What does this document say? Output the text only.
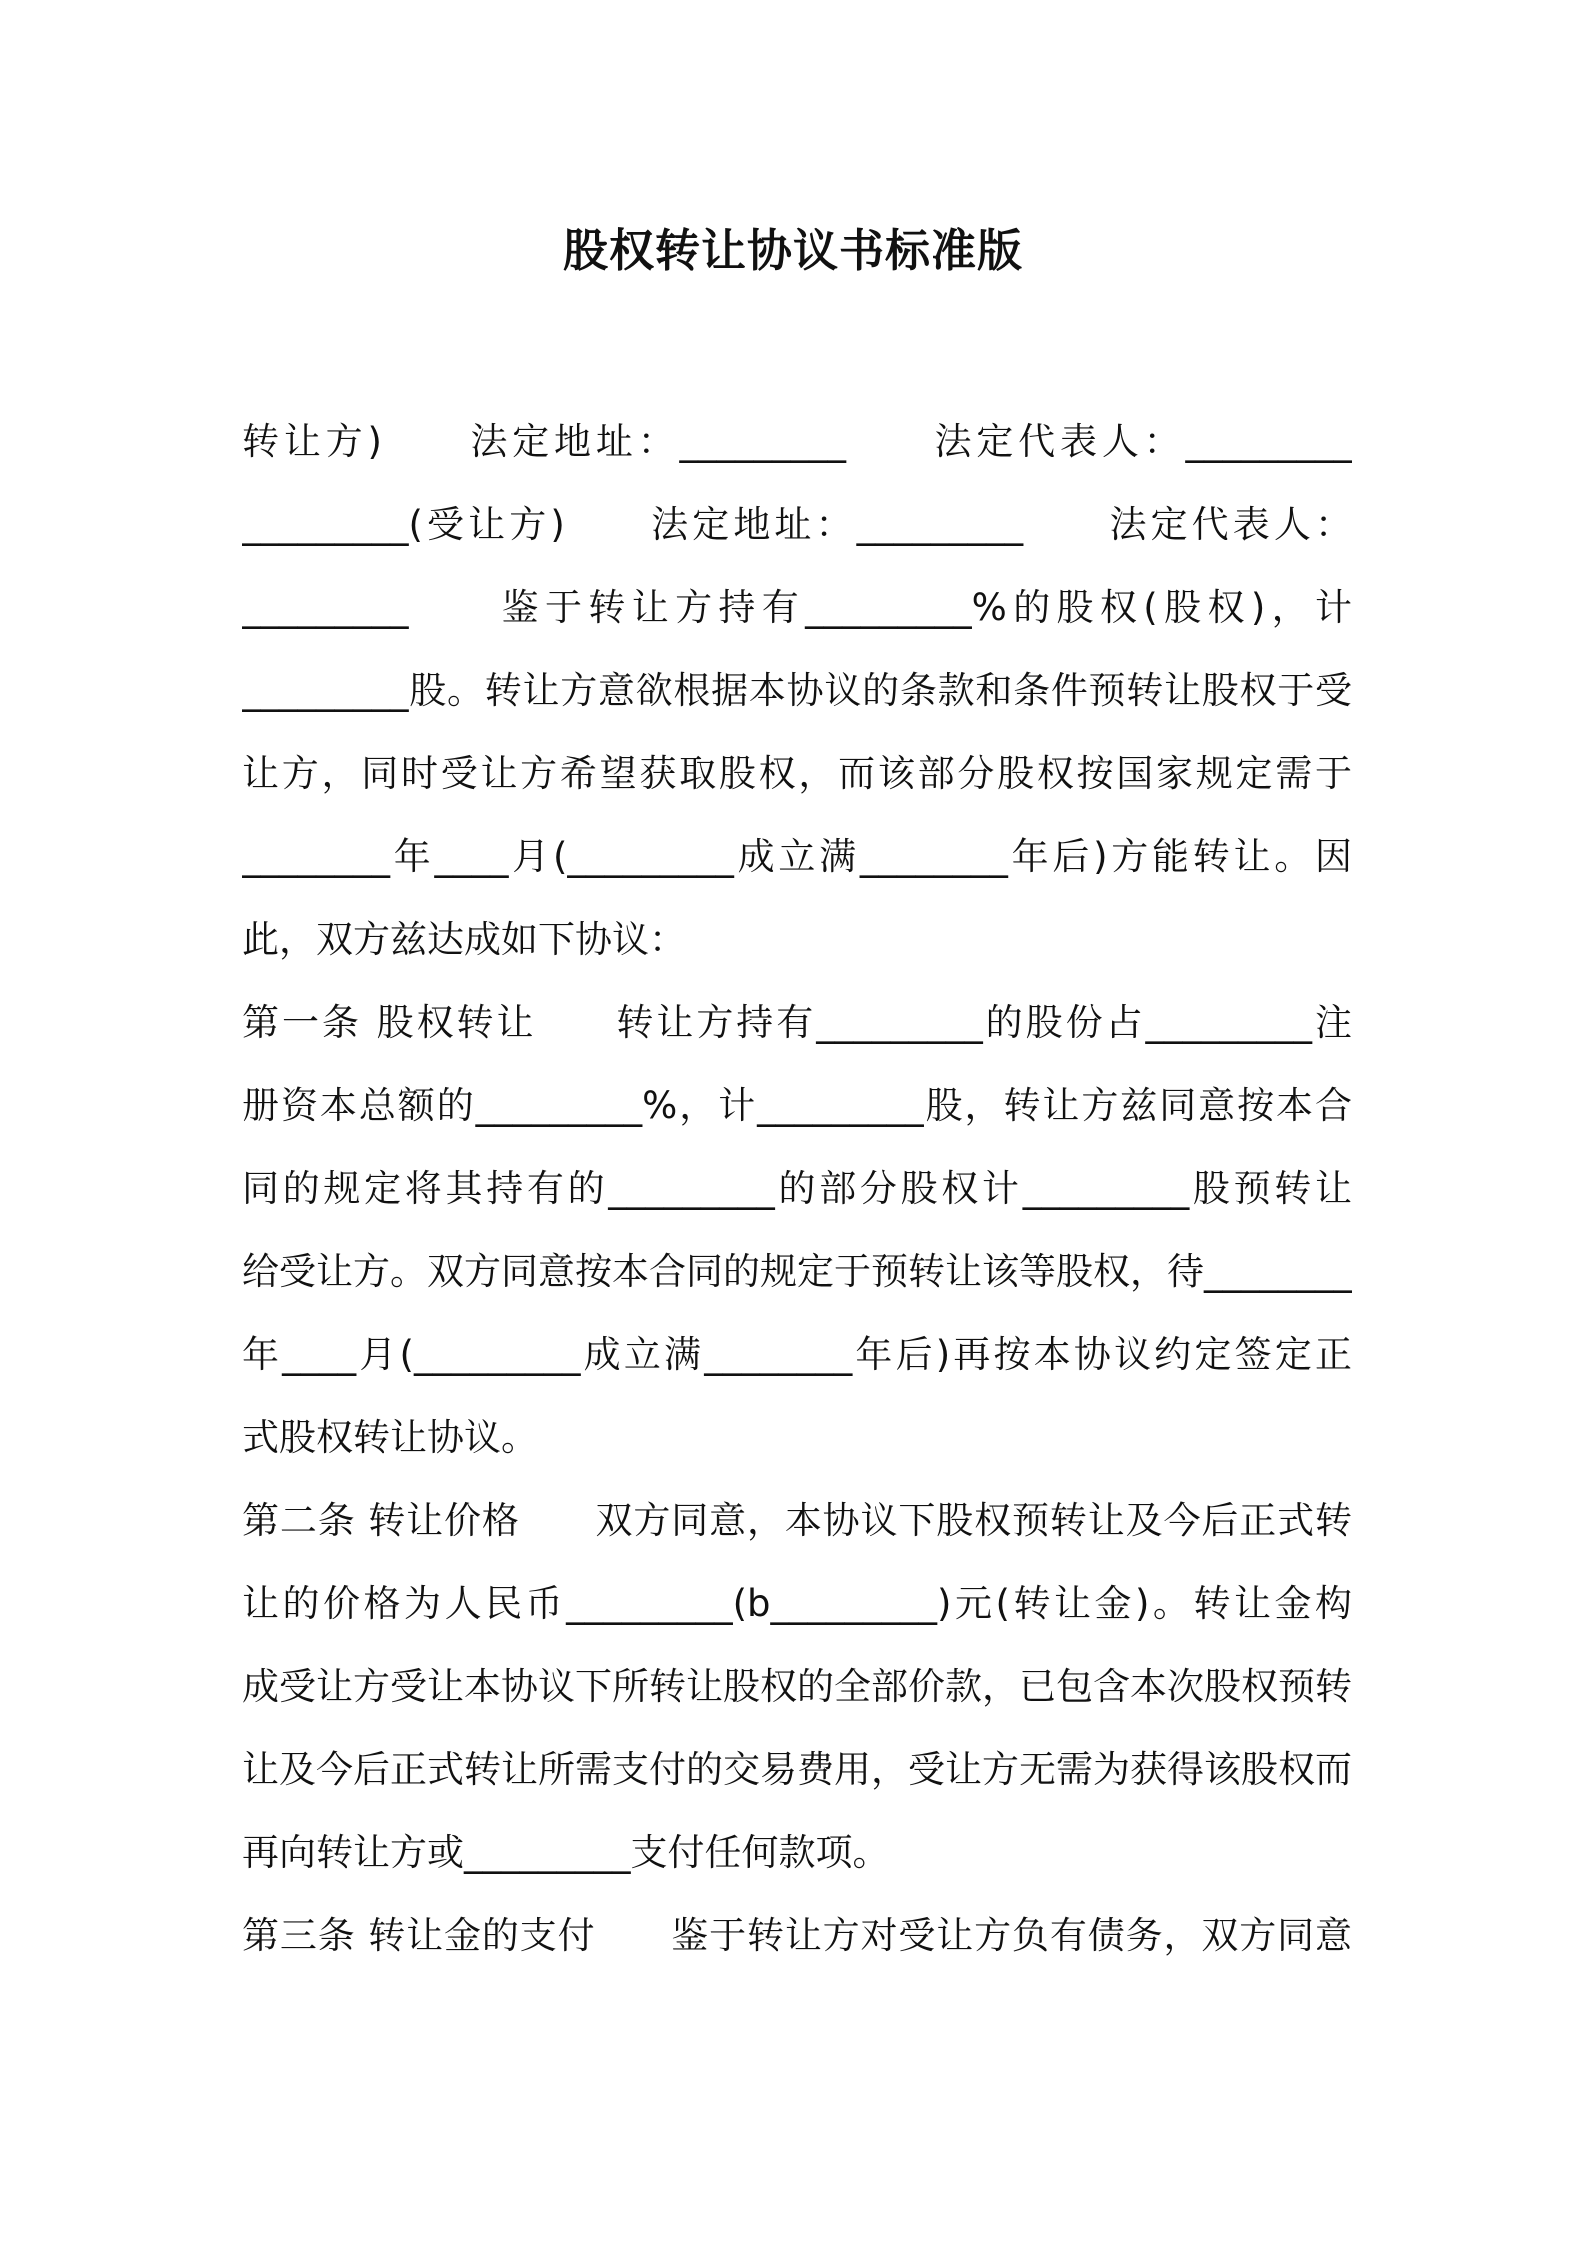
股权转让协议书标准版
转让方)　　法定地址：_________　　法定代表人：_________
_________(受让方)　　法定地址：_________　　法定代表人：
_________　　鉴于转让方持有_________%的股权(股权)，计
_________股。转让方意欲根据本协议的条款和条件预转让股权于受
让方，同时受让方希望获取股权，而该部分股权按国家规定需于
________年____月(_________成立满________年后)方能转让。因
此，双方兹达成如下协议：
第一条 股权转让　　转让方持有_________的股份占_________注
册资本总额的_________%，计_________股，转让方兹同意按本合
同的规定将其持有的_________的部分股权计_________股预转让
给受让方。双方同意按本合同的规定于预转让该等股权，待________
年____月(_________成立满________年后)再按本协议约定签定正
式股权转让协议。
第二条 转让价格　　双方同意，本协议下股权预转让及今后正式转
让的价格为人民币_________(b_________)元(转让金)。转让金构
成受让方受让本协议下所转让股权的全部价款，已包含本次股权预转
让及今后正式转让所需支付的交易费用，受让方无需为获得该股权而
再向转让方或_________支付任何款项。
第三条 转让金的支付　　鉴于转让方对受让方负有债务，双方同意
